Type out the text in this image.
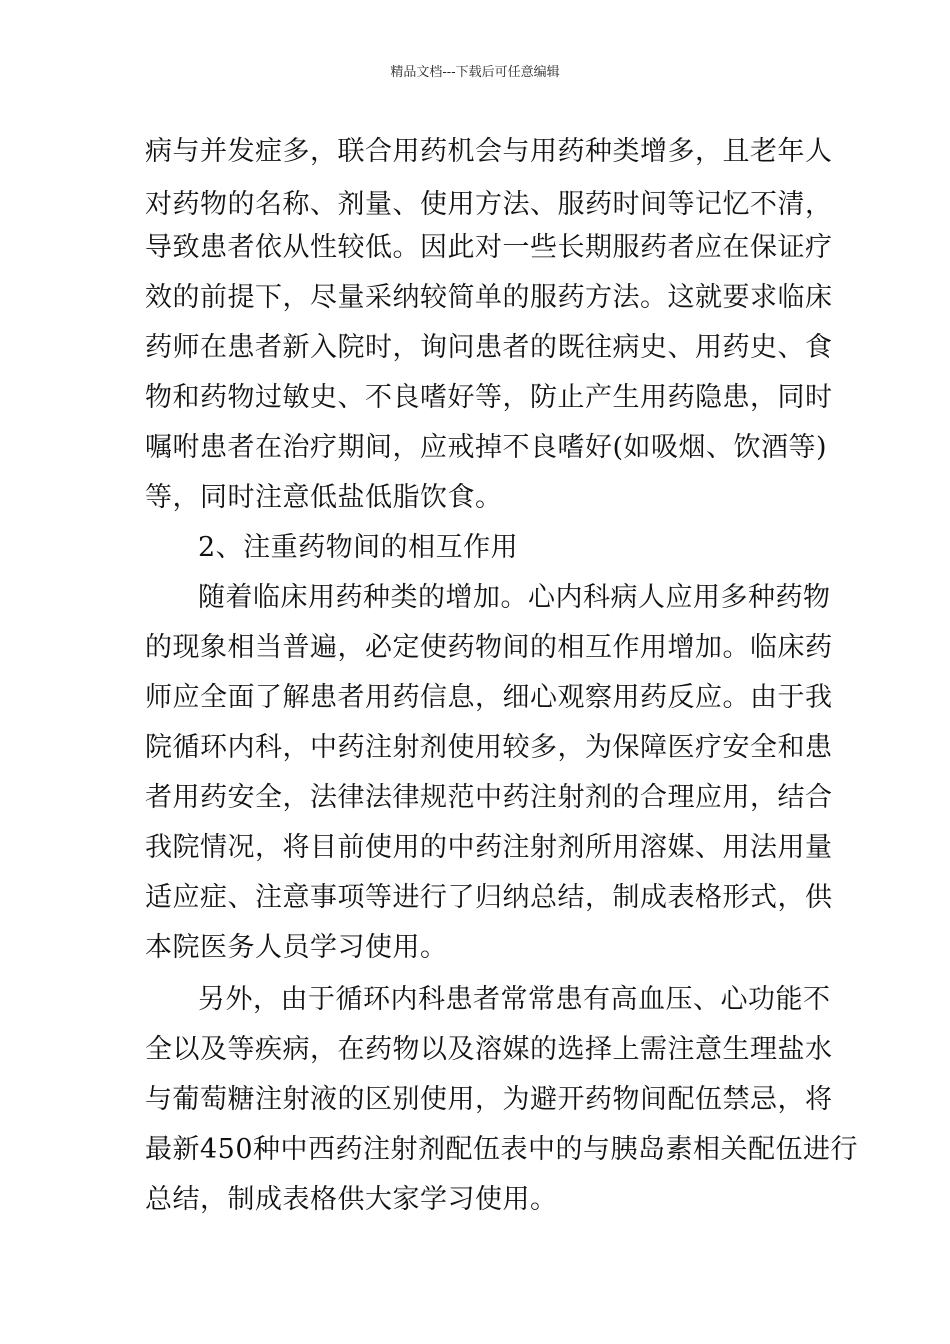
精品文档---下载后可任意编辑
病与并发症多，联合用药机会与用药种类增多，且老年人
对药物的名称、剂量、使用方法、服药时间等记忆不清，
导致患者依从性较低。因此对一些长期服药者应在保证疗
效的前提下，尽量采纳较简单的服药方法。这就要求临床
药师在患者新入院时，询问患者的既往病史、用药史、食
物和药物过敏史、不良嗜好等，防止产生用药隐患，同时
嘱咐患者在治疗期间，应戒掉不良嗜好(如吸烟、饮酒等)
等，同时注意低盐低脂饮食。
2、注重药物间的相互作用
随着临床用药种类的增加。心内科病人应用多种药物
的现象相当普遍，必定使药物间的相互作用增加。临床药
师应全面了解患者用药信息，细心观察用药反应。由于我
院循环内科，中药注射剂使用较多，为保障医疗安全和患
者用药安全，法律法律规范中药注射剂的合理应用，结合
我院情况，将目前使用的中药注射剂所用溶媒、用法用量
适应症、注意事项等进行了归纳总结，制成表格形式，供
本院医务人员学习使用。
另外，由于循环内科患者常常患有高血压、心功能不
全以及等疾病，在药物以及溶媒的选择上需注意生理盐水
与葡萄糖注射液的区别使用，为避开药物间配伍禁忌，将
最新450种中西药注射剂配伍表中的与胰岛素相关配伍进行
总结，制成表格供大家学习使用。
